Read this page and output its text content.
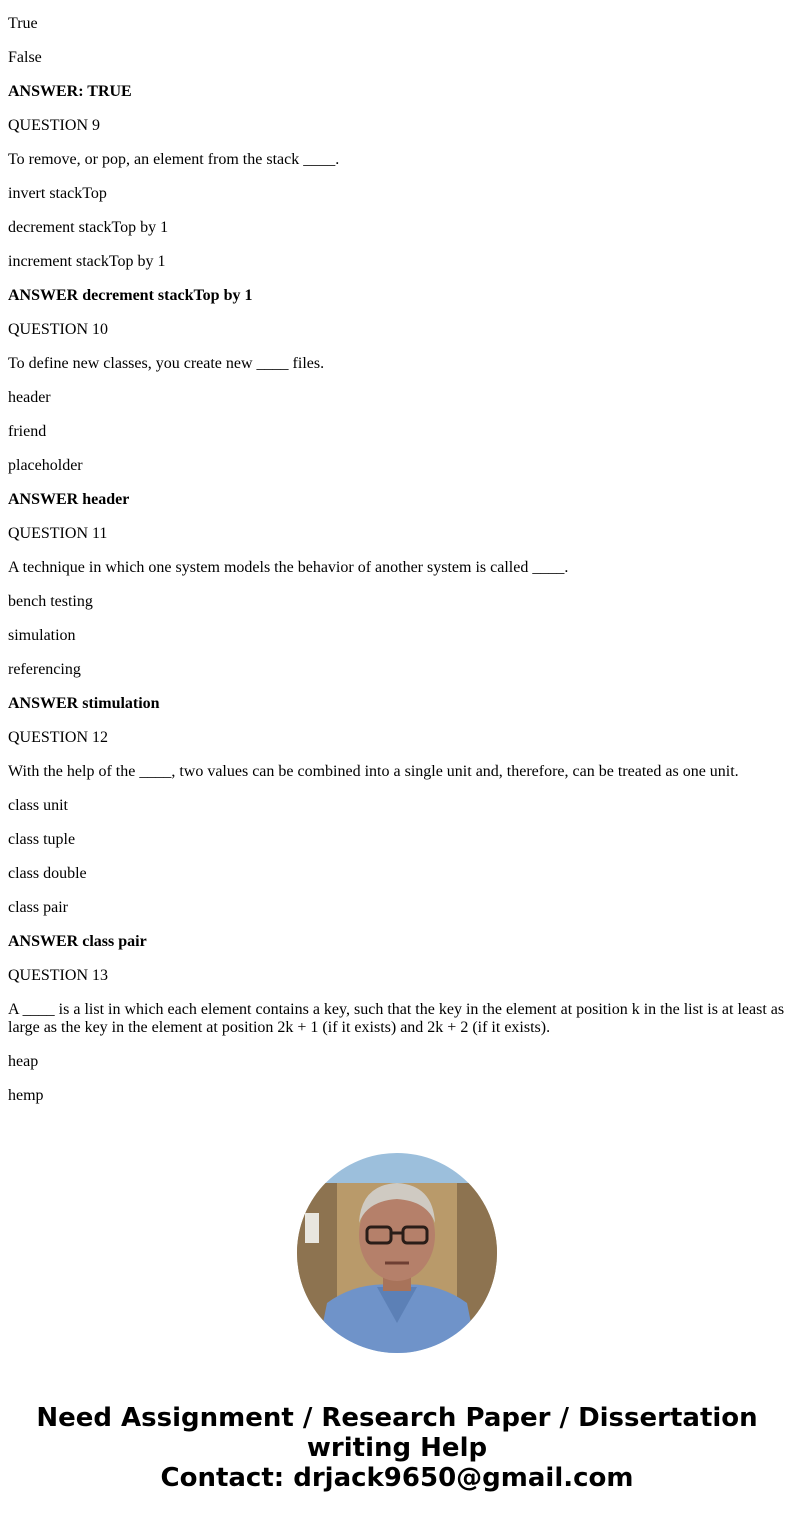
True
False
ANSWER: TRUE
QUESTION 9
To remove, or pop, an element from the stack ____.
invert stackTop
decrement stackTop by 1
increment stackTop by 1
ANSWER decrement stackTop by 1
QUESTION 10
To define new classes, you create new ____ files.
header
friend
placeholder
ANSWER header
QUESTION 11
A technique in which one system models the behavior of another system is called ____.
bench testing
simulation
referencing
ANSWER stimulation
QUESTION 12
With the help of the ____, two values can be combined into a single unit and, therefore, can be treated as one unit.
class unit
class tuple
class double
class pair
ANSWER class pair
QUESTION 13
A ____ is a list in which each element contains a key, such that the key in the element at position k in the list is at least as large as the key in the element at position 2k + 1 (if it exists) and 2k + 2 (if it exists).
heap
hemp
Need Assignment / Research Paper / Dissertation writing Help
Contact: drjack9650@gmail.com
